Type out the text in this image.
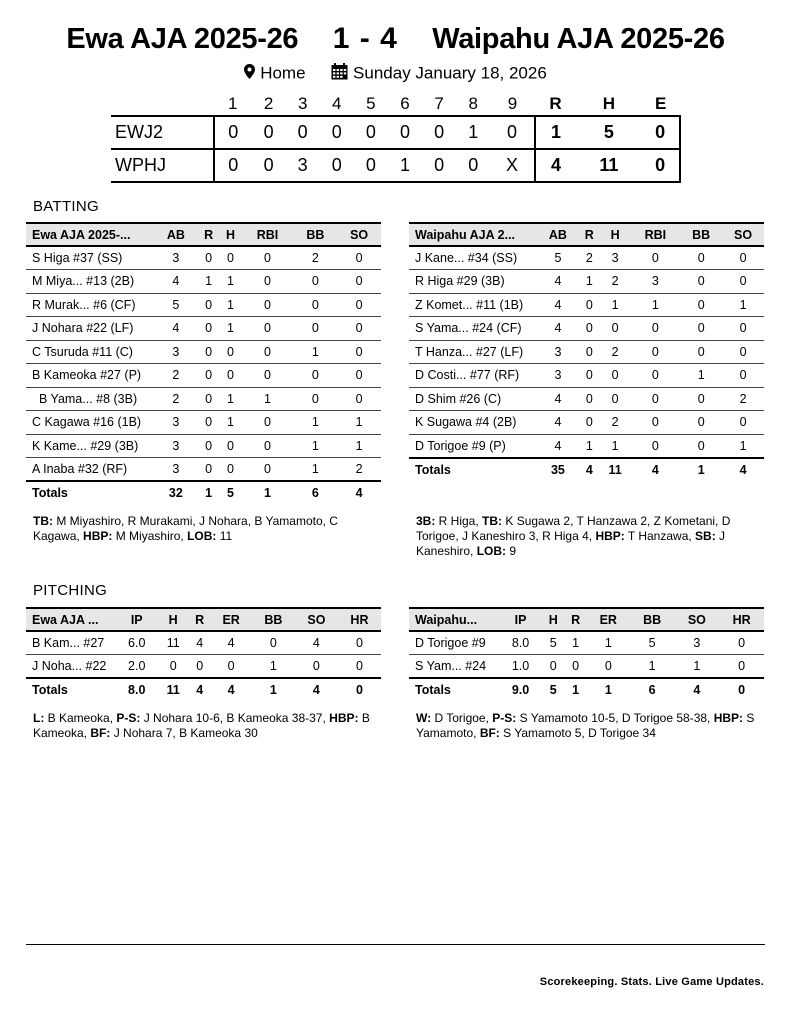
Ewa AJA 2025-26 1 - 4 Waipahu AJA 2025-26
Home	Sunday January 18, 2026
	1	2	3	4	5	6	7	8	9	R	H	E
EWJ2	0	0	0	0	0	0	0	1	0	1	5	0
WPHJ	0	0	3	0	0	1	0	0	X	4	11	0
BATTING
Ewa AJA 2025-...	AB	R	H	RBI	BB	SO
S Higa #37 (SS)	3	0	0	0	2	0
M Miya... #13 (2B)	4	1	1	0	0	0
R Murak... #6 (CF)	5	0	1	0	0	0
J Nohara #22 (LF)	4	0	1	0	0	0
C Tsuruda #11 (C)	3	0	0	0	1	0
B Kameoka #27 (P)	2	0	0	0	0	0
B Yama... #8 (3B)	2	0	1	1	0	0
C Kagawa #16 (1B)	3	0	1	0	1	1
K Kame... #29 (3B)	3	0	0	0	1	1
A Inaba #32 (RF)	3	0	0	0	1	2
Totals	32	1	5	1	6	4
Waipahu AJA 2...	AB	R	H	RBI	BB	SO
J Kane... #34 (SS)	5	2	3	0	0	0
R Higa #29 (3B)	4	1	2	3	0	0
Z Komet... #11 (1B)	4	0	1	1	0	1
S Yama... #24 (CF)	4	0	0	0	0	0
T Hanza... #27 (LF)	3	0	2	0	0	0
D Costi... #77 (RF)	3	0	0	0	1	0
D Shim #26 (C)	4	0	0	0	0	2
K Sugawa #4 (2B)	4	0	2	0	0	0
D Torigoe #9 (P)	4	1	1	0	0	1
Totals	35	4	11	4	1	4
TB: M Miyashiro, R Murakami, J Nohara, B Yamamoto, C Kagawa, HBP: M Miyashiro, LOB: 11
3B: R Higa, TB: K Sugawa 2, T Hanzawa 2, Z Kometani, D Torigoe, J Kaneshiro 3, R Higa 4, HBP: T Hanzawa, SB: J Kaneshiro, LOB: 9
PITCHING
Ewa AJA ...	IP	H	R	ER	BB	SO	HR
B Kam... #27	6.0	11	4	4	0	4	0
J Noha... #22	2.0	0	0	0	1	0	0
Totals	8.0	11	4	4	1	4	0
Waipahu...	IP	H	R	ER	BB	SO	HR
D Torigoe #9	8.0	5	1	1	5	3	0
S Yam... #24	1.0	0	0	0	1	1	0
Totals	9.0	5	1	1	6	4	0
L: B Kameoka, P-S: J Nohara 10-6, B Kameoka 38-37, HBP: B Kameoka, BF: J Nohara 7, B Kameoka 30
W: D Torigoe, P-S: S Yamamoto 10-5, D Torigoe 58-38, HBP: S Yamamoto, BF: S Yamamoto 5, D Torigoe 34
Scorekeeping. Stats. Live Game Updates.
